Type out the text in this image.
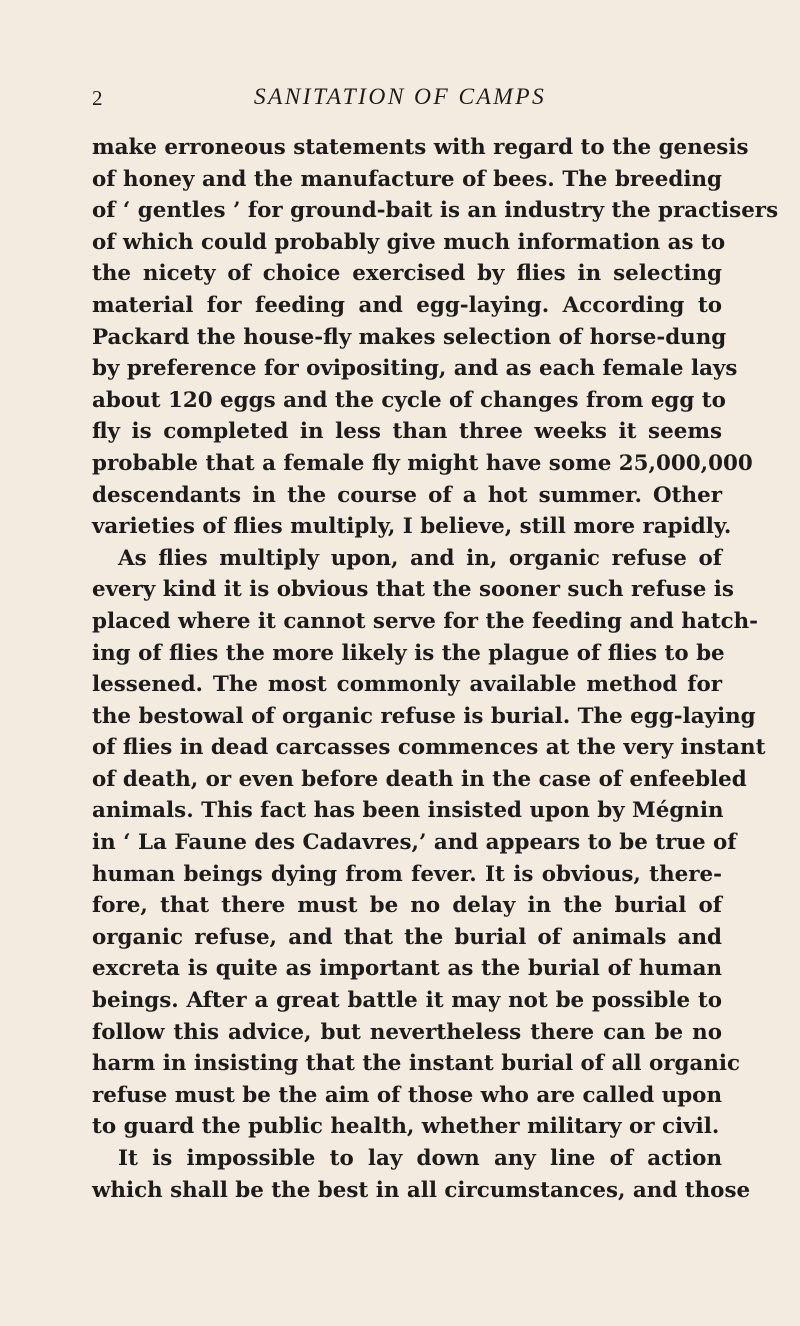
2	SANITATION OF CAMPS
make erroneous statements with regard to the genesis
of honey and the manufacture of bees. The breeding
of ‘ gentles ’ for ground-bait is an industry the practisers
of which could probably give much information as to
the nicety of choice exercised by flies in selecting
material for feeding and egg-laying. According to
Packard the house-fly makes selection of horse-dung
by preference for ovipositing, and as each female lays
about 120 eggs and the cycle of changes from egg to
fly is completed in less than three weeks it seems
probable that a female fly might have some 25,000,000
descendants in the course of a hot summer. Other
varieties of flies multiply, I believe, still more rapidly.
As flies multiply upon, and in, organic refuse of
every kind it is obvious that the sooner such refuse is
placed where it cannot serve for the feeding and hatch-
ing of flies the more likely is the plague of flies to be
lessened. The most commonly available method for
the bestowal of organic refuse is burial. The egg-laying
of flies in dead carcasses commences at the very instant
of death, or even before death in the case of enfeebled
animals. This fact has been insisted upon by Mégnin
in ‘ La Faune des Cadavres,’ and appears to be true of
human beings dying from fever. It is obvious, there-
fore, that there must be no delay in the burial of
organic refuse, and that the burial of animals and
excreta is quite as important as the burial of human
beings. After a great battle it may not be possible to
follow this advice, but nevertheless there can be no
harm in insisting that the instant burial of all organic
refuse must be the aim of those who are called upon
to guard the public health, whether military or civil.
It is impossible to lay down any line of action
which shall be the best in all circumstances, and those
